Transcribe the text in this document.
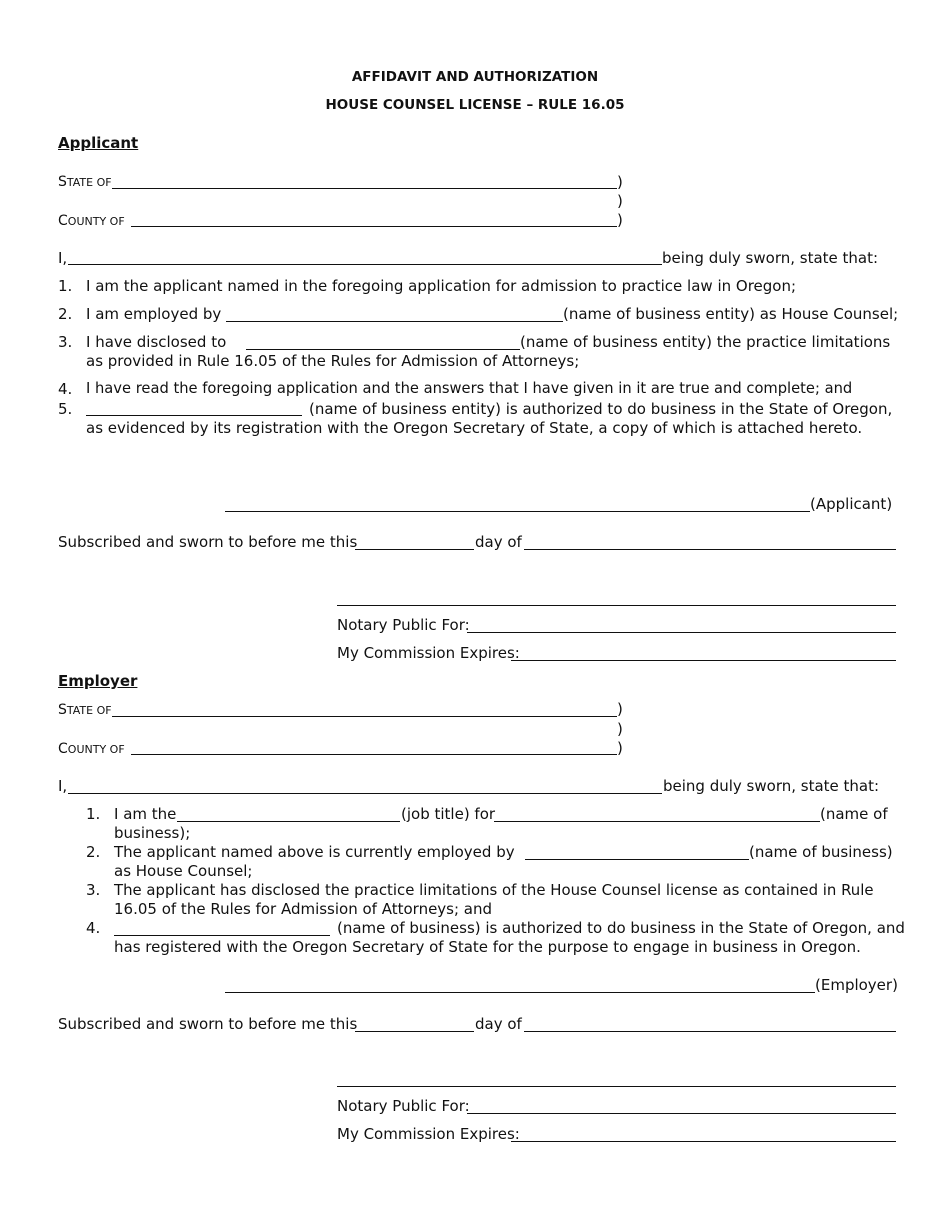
AFFIDAVIT AND AUTHORIZATION
HOUSE COUNSEL LICENSE – RULE 16.05
Applicant
STATE OF	)
)
COUNTY OF	)
I,	being duly sworn, state that:
1. I am the applicant named in the foregoing application for admission to practice law in Oregon;
2. I am employed by	(name of business entity) as House Counsel;
3. I have disclosed to	(name of business entity) the practice limitations
as provided in Rule 16.05 of the Rules for Admission of Attorneys;
4. I have read the foregoing application and the answers that I have given in it are true and complete; and
5.	(name of business entity) is authorized to do business in the State of Oregon,
as evidenced by its registration with the Oregon Secretary of State, a copy of which is attached hereto.
(Applicant)
Subscribed and sworn to before me this	day of
Notary Public For:
My Commission Expires:
Employer
STATE OF	)
)
COUNTY OF	)
I,	being duly sworn, state that:
1. I am the	(job title) for	(name of
business);
2. The applicant named above is currently employed by	(name of business)
as House Counsel;
3. The applicant has disclosed the practice limitations of the House Counsel license as contained in Rule
16.05 of the Rules for Admission of Attorneys; and
4.	(name of business) is authorized to do business in the State of Oregon, and
has registered with the Oregon Secretary of State for the purpose to engage in business in Oregon.
(Employer)
Subscribed and sworn to before me this	day of
Notary Public For:
My Commission Expires:
